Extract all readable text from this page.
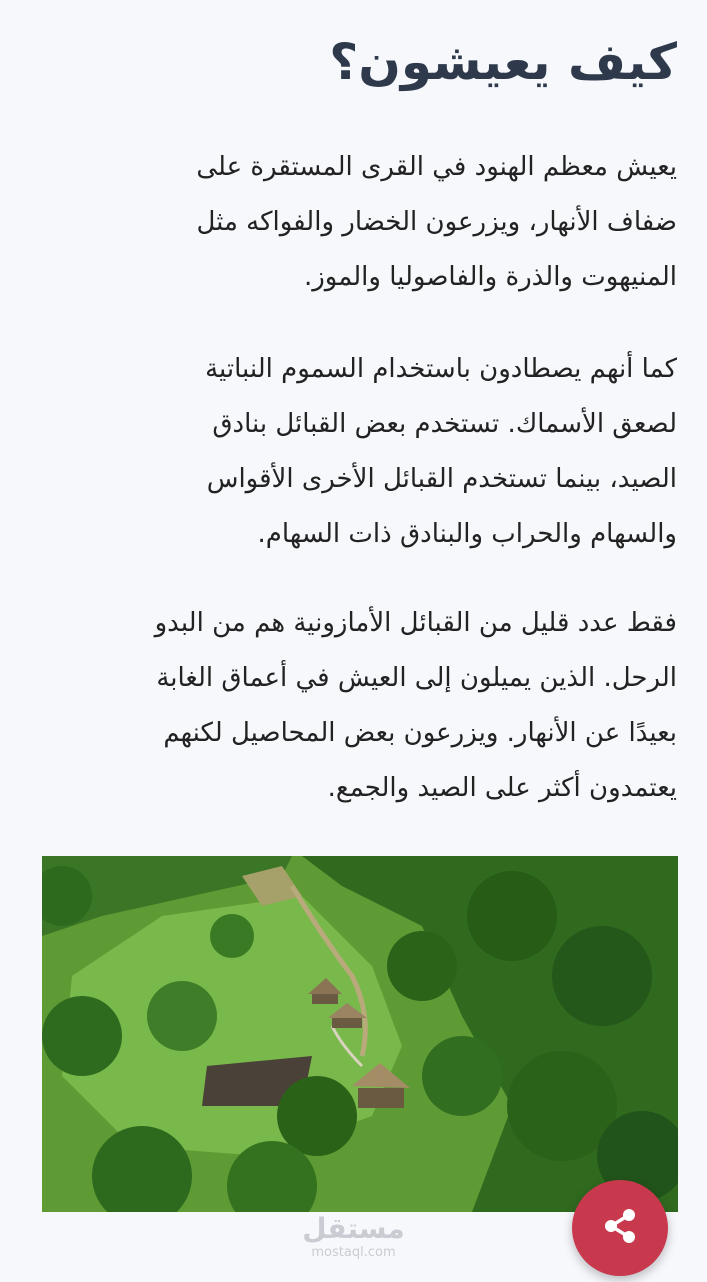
كيف يعيشون؟

يعيش معظم الهنود في القرى المستقرة على
ضفاف الأنهار، ويزرعون الخضار والفواكه مثل
المنيهوت والذرة والفاصوليا والموز.

كما أنهم يصطادون باستخدام السموم النباتية
لصعق الأسماك. تستخدم بعض القبائل بنادق
الصيد، بينما تستخدم القبائل الأخرى الأقواس
والسهام والحراب والبنادق ذات السهام.

فقط عدد قليل من القبائل الأمازونية هم من البدو
الرحل. الذين يميلون إلى العيش في أعماق الغابة
بعيدًا عن الأنهار. ويزرعون بعض المحاصيل لكنهم
يعتمدون أكثر على الصيد والجمع.

مستقل
mostaql.com
